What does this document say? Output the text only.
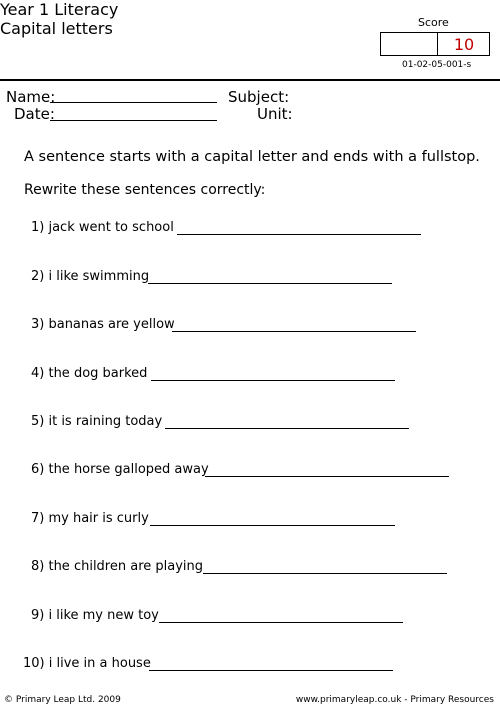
Score
10
01-02-05-001-s
Name:
Date:
Subject:
Year 1 Literacy
Unit:
Capital letters
A sentence starts with a capital letter and ends with a fullstop.
Rewrite these sentences correctly:
1) jack went to school
2) i like swimming
3) bananas are yellow
4) the dog barked
5) it is raining today
6) the horse galloped away
7) my hair is curly
8) the children are playing
9) i like my new toy
10) i live in a house
© Primary Leap Ltd. 2009	www.primaryleap.co.uk - Primary Resources
